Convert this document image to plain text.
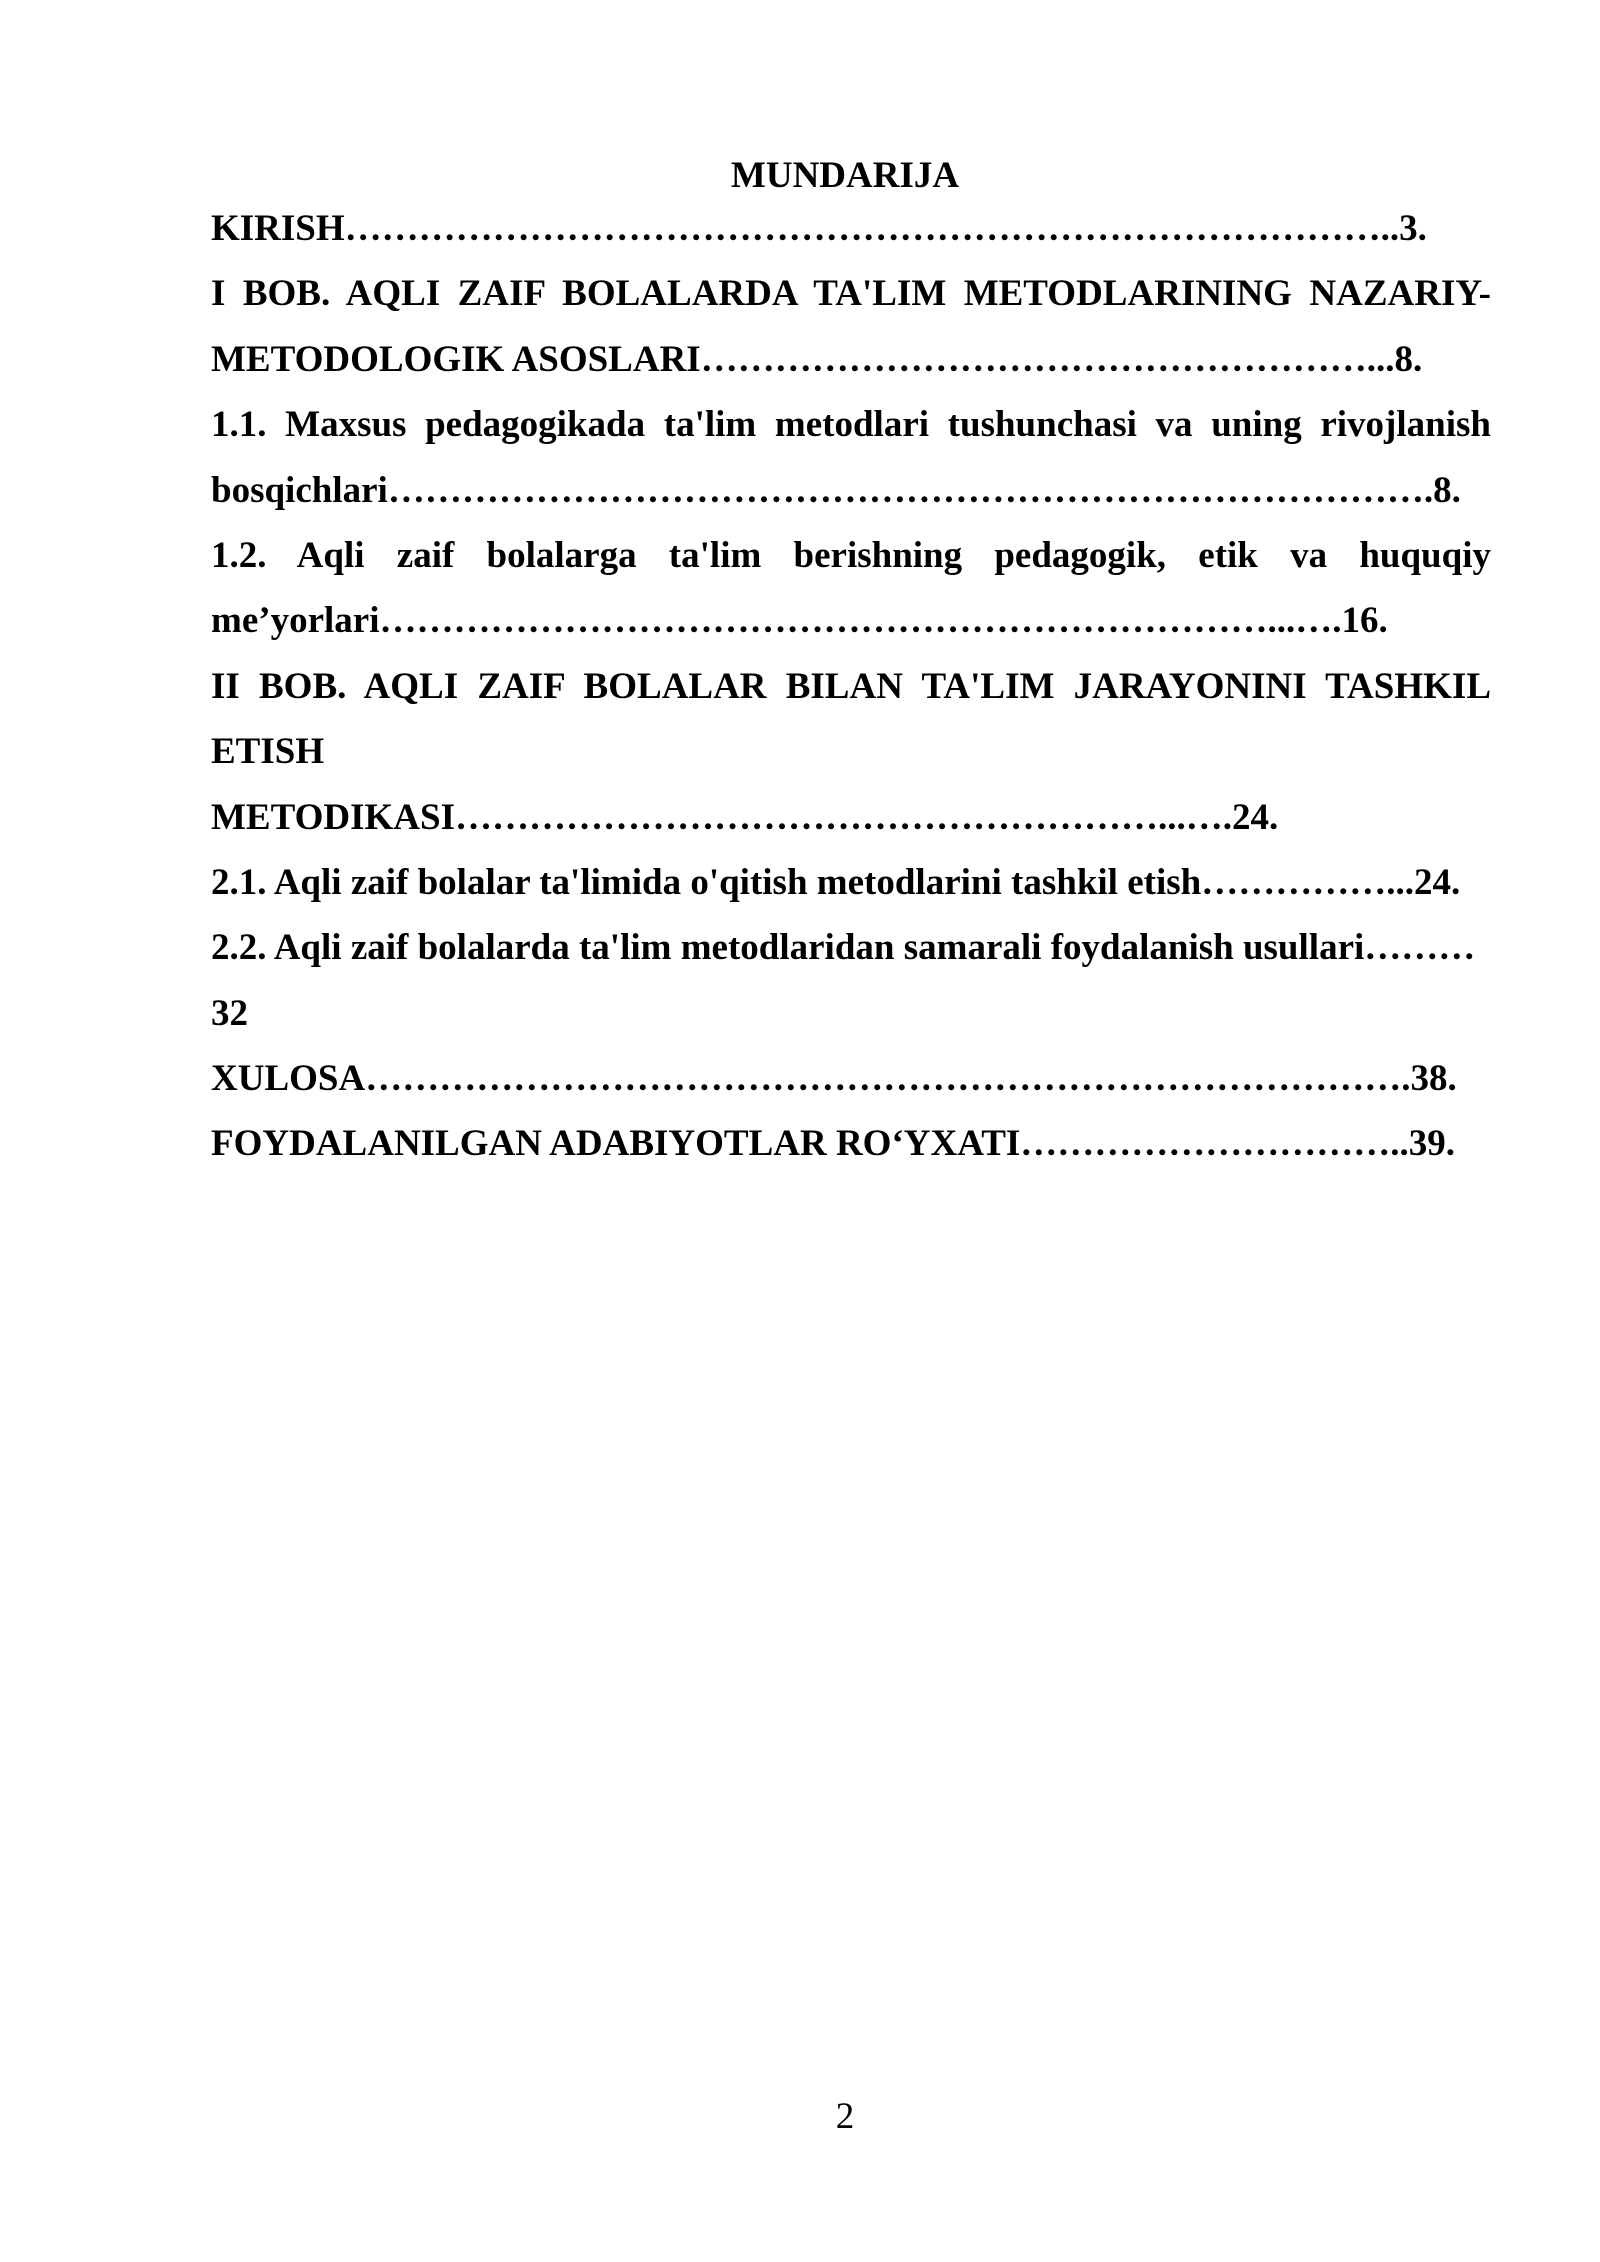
MUNDARIJA
KIRISH…………………………………………………………………………..3.
I BOB. AQLI ZAIF BOLALARDA TA'LIM METODLARINING NAZARIY-
METODOLOGIK ASOSLARI………………………………………………...8.
1.1. Maxsus pedagogikada ta'lim metodlari tushunchasi va uning rivojlanish
bosqichlari………………………………………………………………………….8.
1.2. Aqli zaif bolalarga ta'lim berishning pedagogik, etik va huquqiy
me’yorlari………………………………………………………………...….16.
II BOB. AQLI ZAIF BOLALAR BILAN TA'LIM JARAYONINI TASHKIL
ETISH
METODIKASI…………………………………………………...….24.
2.1. Aqli zaif bolalar ta'limida o'qitish metodlarini tashkil etish……………...24.
2.2. Aqli zaif bolalarda ta'lim metodlaridan samarali foydalanish usullari………
32
XULOSA………………………………………………………………………….38.
FOYDALANILGAN ADABIYOTLAR RO‘YXATI…………………………..39.
2
